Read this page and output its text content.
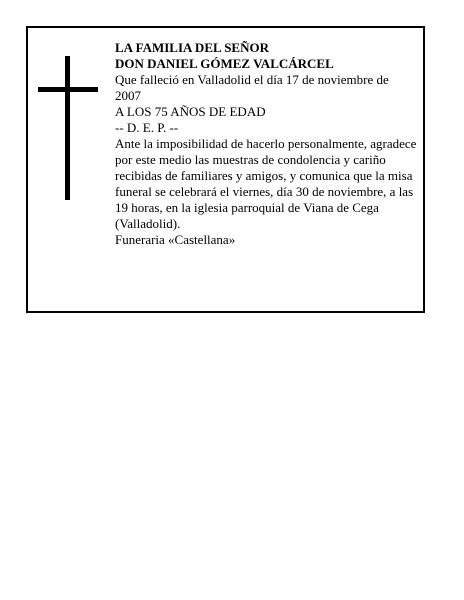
LA FAMILIA DEL SEÑOR

DON DANIEL GÓMEZ VALCÁRCEL

Que falleció en Valladolid el día 17 de noviembre de 2007

A LOS 75 AÑOS DE EDAD

-- D. E. P. --

Ante la imposibilidad de hacerlo personalmente, agradece por este medio las muestras de condolencia y cariño recibidas de familiares y amigos, y comunica que la misa funeral se celebrará el viernes, día 30 de noviembre, a las 19 horas, en la iglesia parroquial de Viana de Cega (Valladolid).

Funeraria «Castellana»
